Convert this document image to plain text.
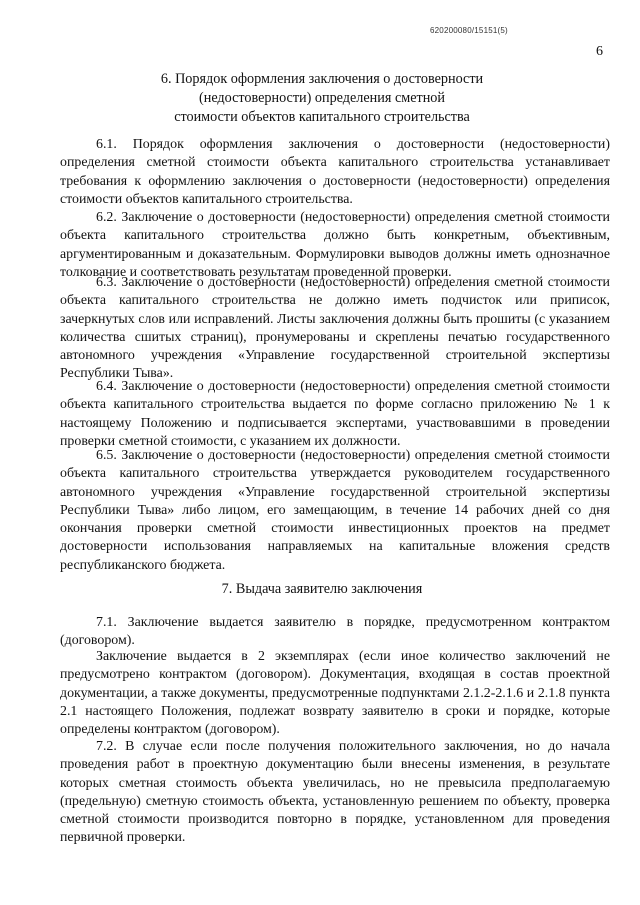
620200080/15151(5)
6
6. Порядок оформления заключения о достоверности
(недостоверности) определения сметной
стоимости объектов капитального строительства

6.1. Порядок оформления заключения о достоверности (недостоверности) определения сметной стоимости объекта капитального строительства устанавливает требования к оформлению заключения о достоверности (недостоверности) определения стоимости объектов капитального строительства.

6.2. Заключение о достоверности (недостоверности) определения сметной стоимости объекта капитального строительства должно быть конкретным, объективным, аргументированным и доказательным. Формулировки выводов должны иметь однозначное толкование и соответствовать результатам проведенной проверки.

6.3. Заключение о достоверности (недостоверности) определения сметной стоимости объекта капитального строительства не должно иметь подчисток или приписок, зачеркнутых слов или исправлений. Листы заключения должны быть прошиты (с указанием количества сшитых страниц), пронумерованы и скреплены печатью государственного автономного учреждения «Управление государственной строительной экспертизы Республики Тыва».

6.4. Заключение о достоверности (недостоверности) определения сметной стоимости объекта капитального строительства выдается по форме согласно приложению № 1 к настоящему Положению и подписывается экспертами, участвовавшими в проведении проверки сметной стоимости, с указанием их должности.

6.5. Заключение о достоверности (недостоверности) определения сметной стоимости объекта капитального строительства утверждается руководителем государственного автономного учреждения «Управление государственной строительной экспертизы Республики Тыва» либо лицом, его замещающим, в течение 14 рабочих дней со дня окончания проверки сметной стоимости инвестиционных проектов на предмет достоверности использования направляемых на капитальные вложения средств республиканского бюджета.

7. Выдача заявителю заключения

7.1. Заключение выдается заявителю в порядке, предусмотренном контрактом (договором).

Заключение выдается в 2 экземплярах (если иное количество заключений не предусмотрено контрактом (договором). Документация, входящая в состав проектной документации, а также документы, предусмотренные подпунктами 2.1.2-2.1.6 и 2.1.8 пункта 2.1 настоящего Положения, подлежат возврату заявителю в сроки и порядке, которые определены контрактом (договором).

7.2. В случае если после получения положительного заключения, но до начала проведения работ в проектную документацию были внесены изменения, в результате которых сметная стоимость объекта увеличилась, но не превысила предполагаемую (предельную) сметную стоимость объекта, установленную решением по объекту, проверка сметной стоимости производится повторно в порядке, установленном для проведения первичной проверки.
